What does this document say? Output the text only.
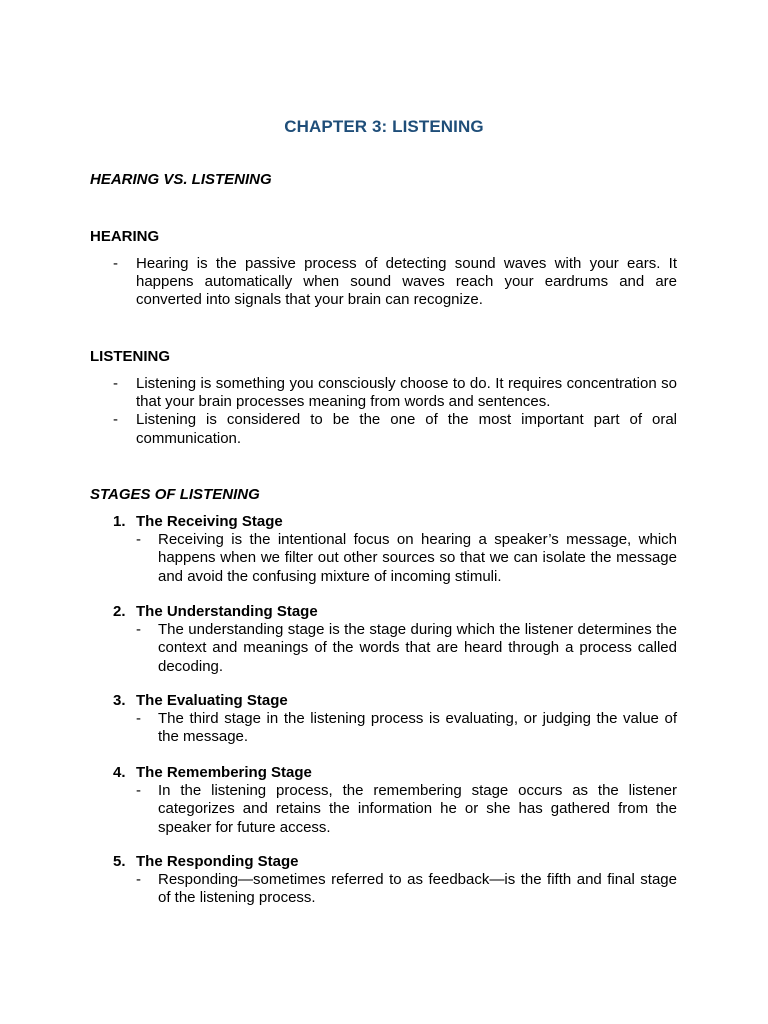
CHAPTER 3: LISTENING
HEARING VS. LISTENING
HEARING
- Hearing is the passive process of detecting sound waves with your ears. It happens automatically when sound waves reach your eardrums and are converted into signals that your brain can recognize.
LISTENING
- Listening is something you consciously choose to do. It requires concentration so that your brain processes meaning from words and sentences.
- Listening is considered to be the one of the most important part of oral communication.
STAGES OF LISTENING
1. The Receiving Stage
- Receiving is the intentional focus on hearing a speaker’s message, which happens when we filter out other sources so that we can isolate the message and avoid the confusing mixture of incoming stimuli.
2. The Understanding Stage
- The understanding stage is the stage during which the listener determines the context and meanings of the words that are heard through a process called decoding.
3. The Evaluating Stage
- The third stage in the listening process is evaluating, or judging the value of the message.
4. The Remembering Stage
- In the listening process, the remembering stage occurs as the listener categorizes and retains the information he or she has gathered from the speaker for future access.
5. The Responding Stage
- Responding—sometimes referred to as feedback—is the fifth and final stage of the listening process.
